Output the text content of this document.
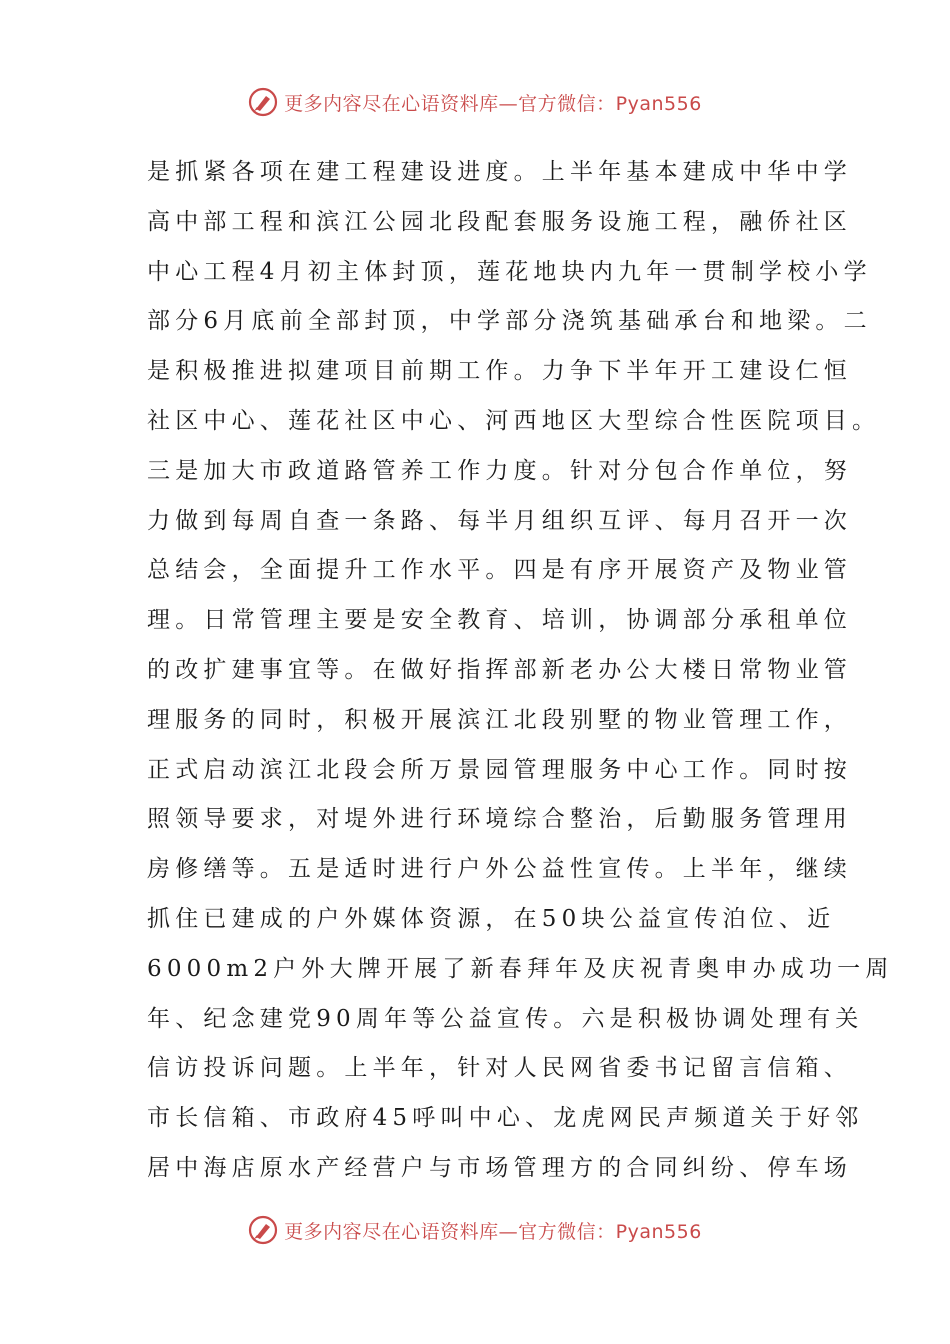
更多内容尽在心语资料库—官方微信：Pyan556
是抓紧各项在建工程建设进度。上半年基本建成中华中学
高中部工程和滨江公园北段配套服务设施工程，融侨社区
中心工程4月初主体封顶，莲花地块内九年一贯制学校小学
部分6月底前全部封顶，中学部分浇筑基础承台和地梁。二
是积极推进拟建项目前期工作。力争下半年开工建设仁恒
社区中心、莲花社区中心、河西地区大型综合性医院项目。
三是加大市政道路管养工作力度。针对分包合作单位，努
力做到每周自查一条路、每半月组织互评、每月召开一次
总结会，全面提升工作水平。四是有序开展资产及物业管
理。日常管理主要是安全教育、培训，协调部分承租单位
的改扩建事宜等。在做好指挥部新老办公大楼日常物业管
理服务的同时，积极开展滨江北段别墅的物业管理工作，
正式启动滨江北段会所万景园管理服务中心工作。同时按
照领导要求，对堤外进行环境综合整治，后勤服务管理用
房修缮等。五是适时进行户外公益性宣传。上半年，继续
抓住已建成的户外媒体资源，在50块公益宣传泊位、近
6000m2户外大牌开展了新春拜年及庆祝青奥申办成功一周
年、纪念建党90周年等公益宣传。六是积极协调处理有关
信访投诉问题。上半年，针对人民网省委书记留言信箱、
市长信箱、市政府45呼叫中心、龙虎网民声频道关于好邻
居中海店原水产经营户与市场管理方的合同纠纷、停车场
更多内容尽在心语资料库—官方微信：Pyan556
